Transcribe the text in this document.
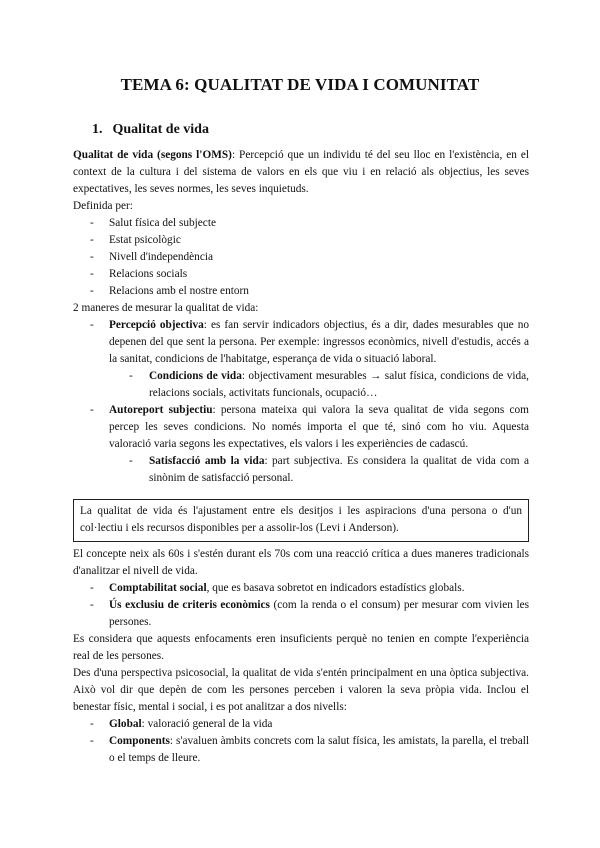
TEMA 6: QUALITAT DE VIDA I COMUNITAT
1. Qualitat de vida

Qualitat de vida (segons l'OMS): Percepció que un individu té del seu lloc en l'existència, en el context de la cultura i del sistema de valors en els que viu i en relació als objectius, les seves expectatives, les seves normes, les seves inquietuds.

Definida per:

- Salut física del subjecte
- Estat psicològic
- Nivell d'independència
- Relacions socials
- Relacions amb el nostre entorn

2 maneres de mesurar la qualitat de vida:

- Percepció objectiva: es fan servir indicadors objectius, és a dir, dades mesurables que no depenen del que sent la persona. Per exemple: ingressos econòmics, nivell d'estudis, accés a la sanitat, condicions de l'habitatge, esperança de vida o situació laboral.

- Condicions de vida: objectivament mesurables → salut física, condicions de vida, relacions socials, activitats funcionals, ocupació…

- Autoreport subjectiu: persona mateixa qui valora la seva qualitat de vida segons com percep les seves condicions. No només importa el que té, sinó com ho viu. Aquesta valoració varia segons les expectatives, els valors i les experiències de cadascú.

- Satisfacció amb la vida: part subjectiva. Es considera la qualitat de vida com a sinònim de satisfacció personal.

La qualitat de vida és l'ajustament entre els desitjos i les aspiracions d'una persona o d'un col·lectiu i els recursos disponibles per a assolir-los (Levi i Anderson).

El concepte neix als 60s i s'estén durant els 70s com una reacció crítica a dues maneres tradicionals d'analitzar el nivell de vida.

- Comptabilitat social, que es basava sobretot en indicadors estadístics globals.

- Ús exclusiu de criteris econòmics (com la renda o el consum) per mesurar com vivien les persones.

Es considera que aquests enfocaments eren insuficients perquè no tenien en compte l'experiència real de les persones.

Des d'una perspectiva psicosocial, la qualitat de vida s'entén principalment en una òptica subjectiva. Això vol dir que depèn de com les persones perceben i valoren la seva pròpia vida. Inclou el benestar físic, mental i social, i es pot analitzar a dos nivells:

- Global: valoració general de la vida

- Components: s'avaluen àmbits concrets com la salut física, les amistats, la parella, el treball o el temps de lleure.
